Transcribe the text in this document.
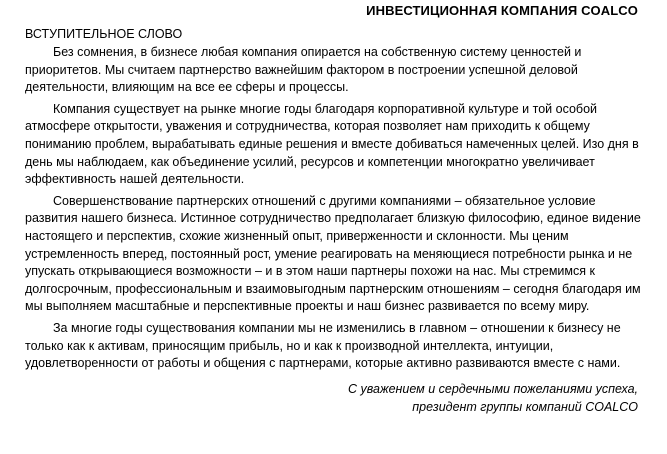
ИНВЕСТИЦИОННАЯ КОМПАНИЯ COALCO
ВСТУПИТЕЛЬНОЕ СЛОВО

Без сомнения, в бизнесе любая компания опирается на собственную систему ценностей и приоритетов. Мы считаем партнерство важнейшим фактором в построении успешной деловой деятельности, влияющим на все ее сферы и процессы.

Компания существует на рынке многие годы благодаря корпоративной культуре и той особой атмосфере открытости, уважения и сотрудничества, которая позволяет нам приходить к общему пониманию проблем, вырабатывать единые решения и вместе добиваться намеченных целей. Изо дня в день мы наблюдаем, как объединение усилий, ресурсов и компетенции многократно увеличивает эффективность нашей деятельности.

Совершенствование партнерских отношений с другими компаниями – обязательное условие развития нашего бизнеса. Истинное сотрудничество предполагает близкую философию, единое видение настоящего и перспектив, схожие жизненный опыт, приверженности и склонности. Мы ценим устремленность вперед, постоянный рост, умение реагировать на меняющиеся потребности рынка и не упускать открывающиеся возможности – и в этом наши партнеры похожи на нас. Мы стремимся к долгосрочным, профессиональным и взаимовыгодным партнерским отношениям – сегодня благодаря им мы выполняем масштабные и перспективные проекты и наш бизнес развивается по всему миру.

За многие годы существования компании мы не изменились в главном – отношении к бизнесу не только как к активам, приносящим прибыль, но и как к производной интеллекта, интуиции, удовлетворенности от работы и общения с партнерами, которые активно развиваются вместе с нами.

С уважением и сердечными пожеланиями успеха,
президент группы компаний COALCO
